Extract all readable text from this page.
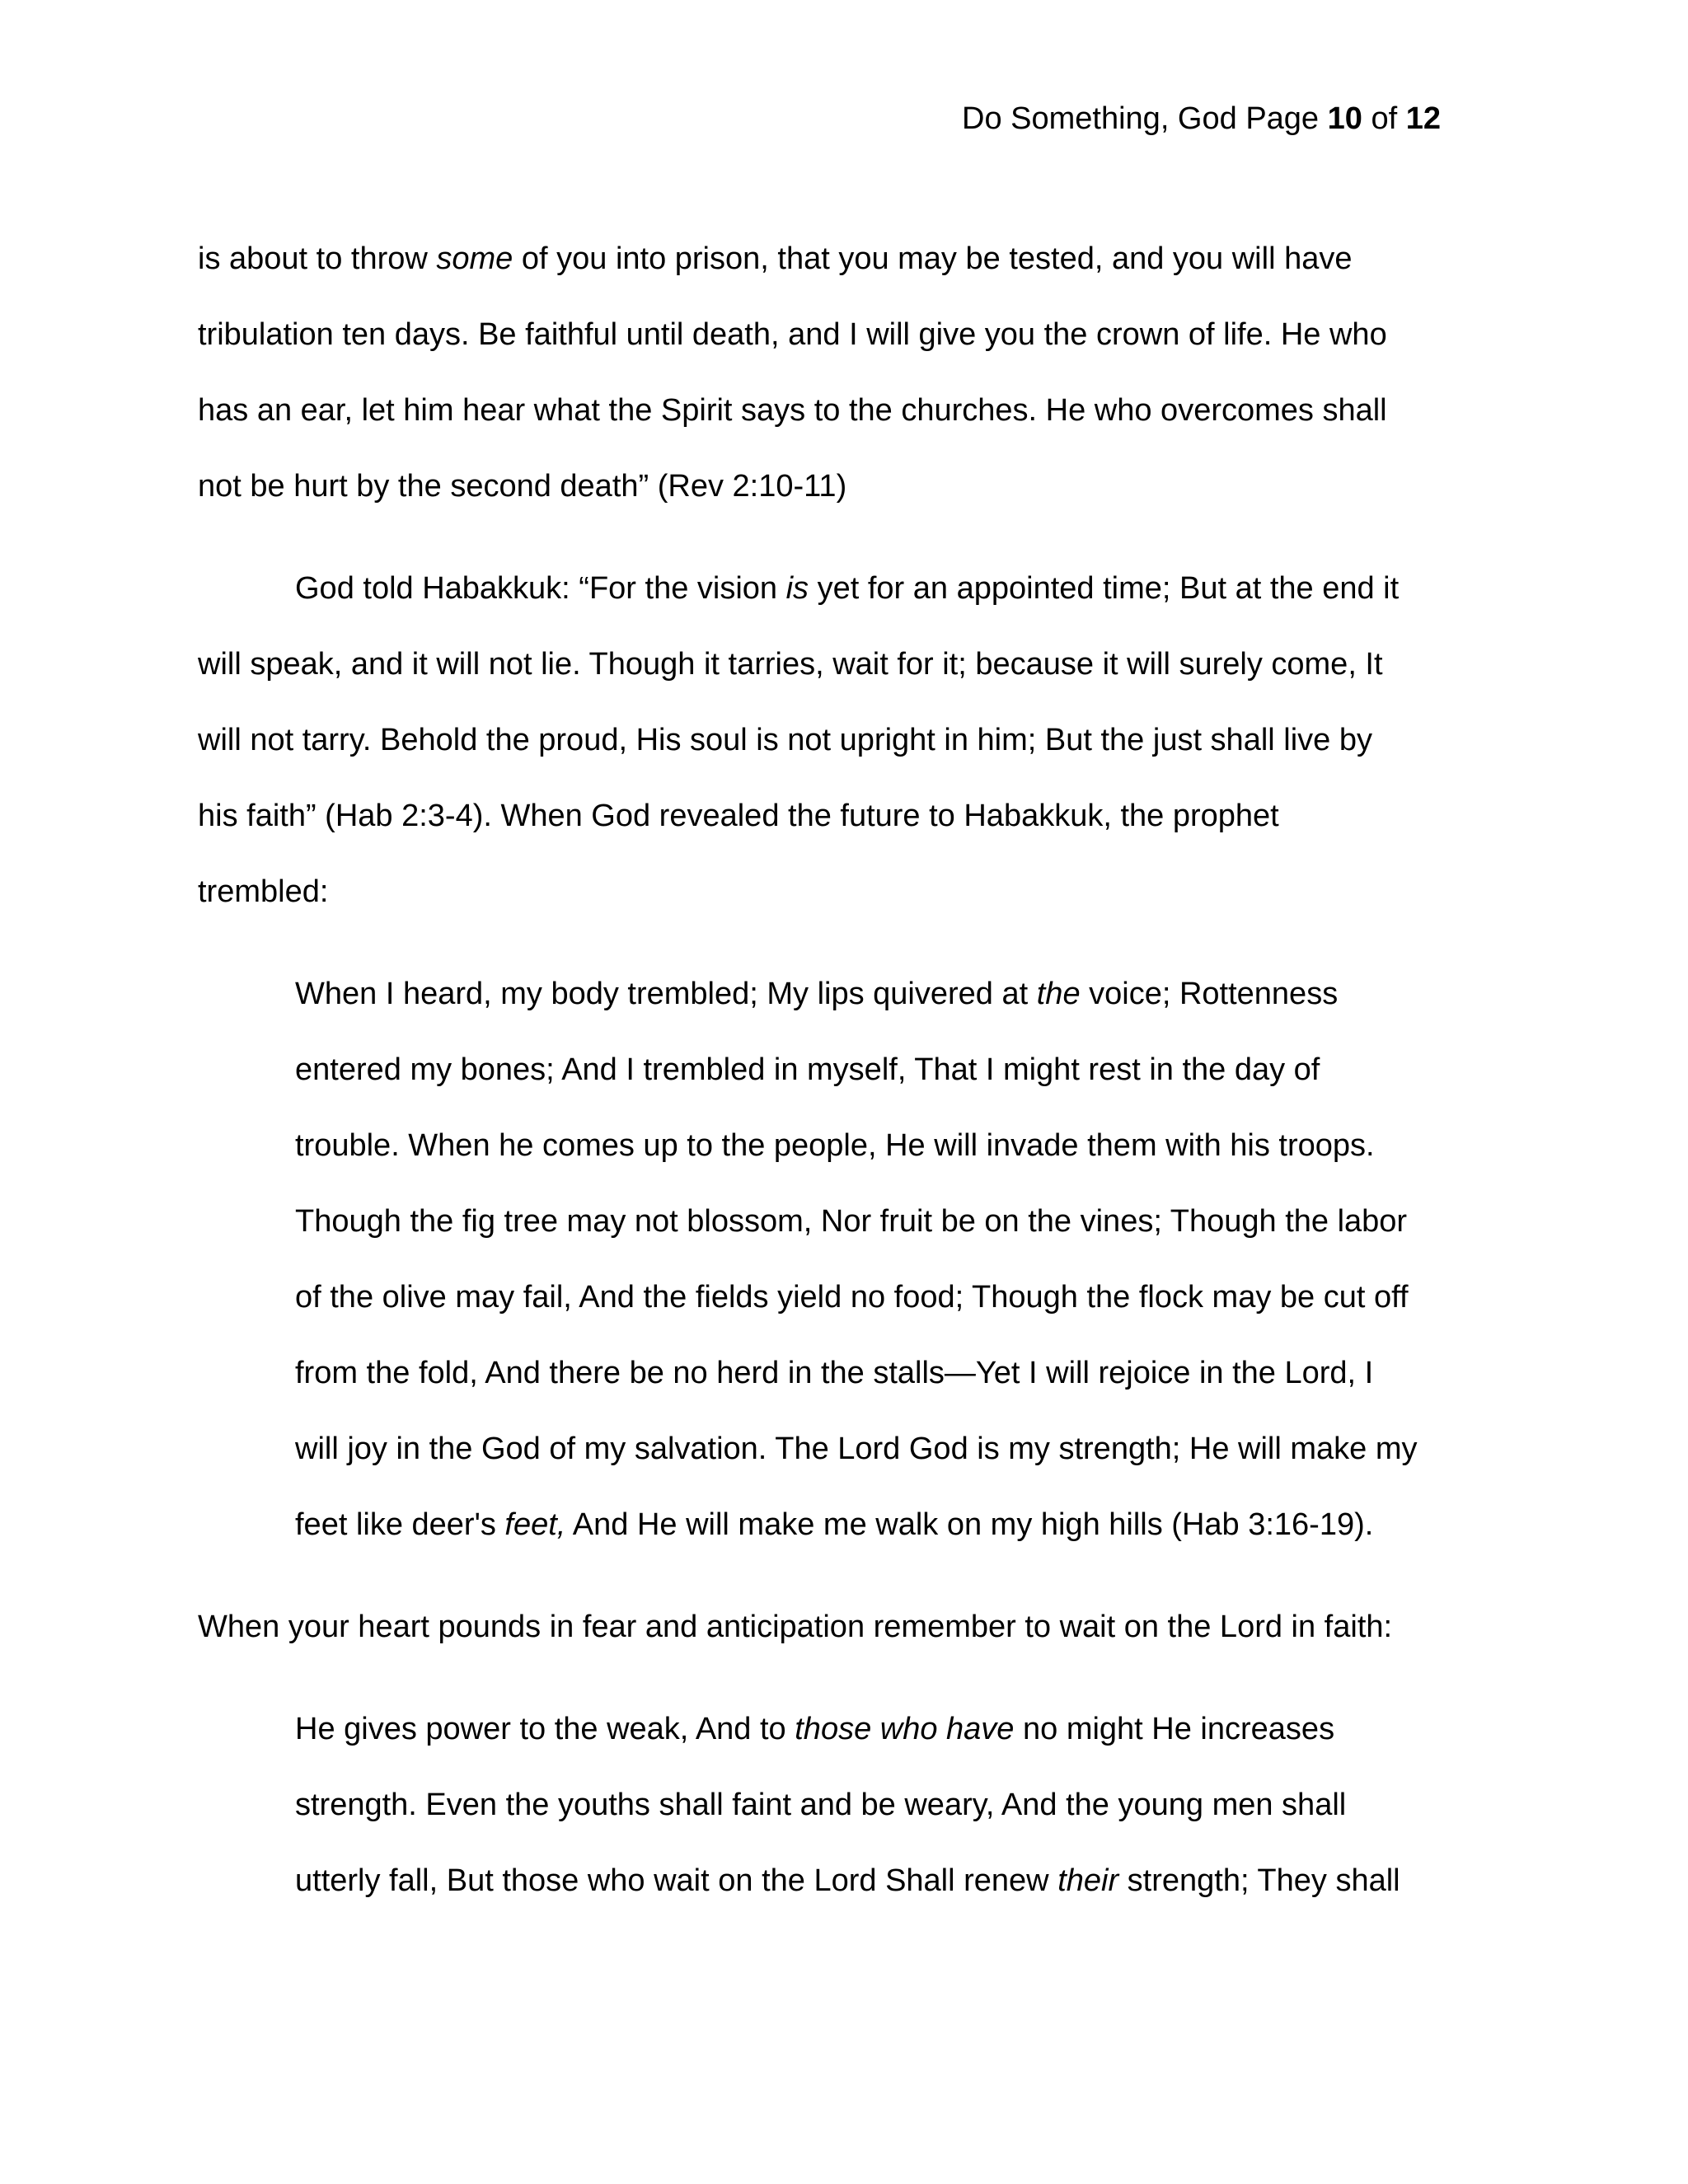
Do Something, God Page 10 of 12
is about to throw some of you into prison, that you may be tested, and you will have
tribulation ten days. Be faithful until death, and I will give you the crown of life. He who
has an ear, let him hear what the Spirit says to the churches. He who overcomes shall
not be hurt by the second death” (Rev 2:10-11)
God told Habakkuk: “For the vision is yet for an appointed time; But at the end it
will speak, and it will not lie. Though it tarries, wait for it; because it will surely come, It
will not tarry. Behold the proud, His soul is not upright in him; But the just shall live by
his faith” (Hab 2:3-4). When God revealed the future to Habakkuk, the prophet
trembled:
When I heard, my body trembled; My lips quivered at the voice; Rottenness
entered my bones; And I trembled in myself, That I might rest in the day of
trouble. When he comes up to the people, He will invade them with his troops.
Though the fig tree may not blossom, Nor fruit be on the vines; Though the labor
of the olive may fail, And the fields yield no food; Though the flock may be cut off
from the fold, And there be no herd in the stalls—Yet I will rejoice in the Lord, I
will joy in the God of my salvation. The Lord God is my strength; He will make my
feet like deer's feet, And He will make me walk on my high hills (Hab 3:16-19).
When your heart pounds in fear and anticipation remember to wait on the Lord in faith:
He gives power to the weak, And to those who have no might He increases
strength. Even the youths shall faint and be weary, And the young men shall
utterly fall, But those who wait on the Lord Shall renew their strength; They shall
